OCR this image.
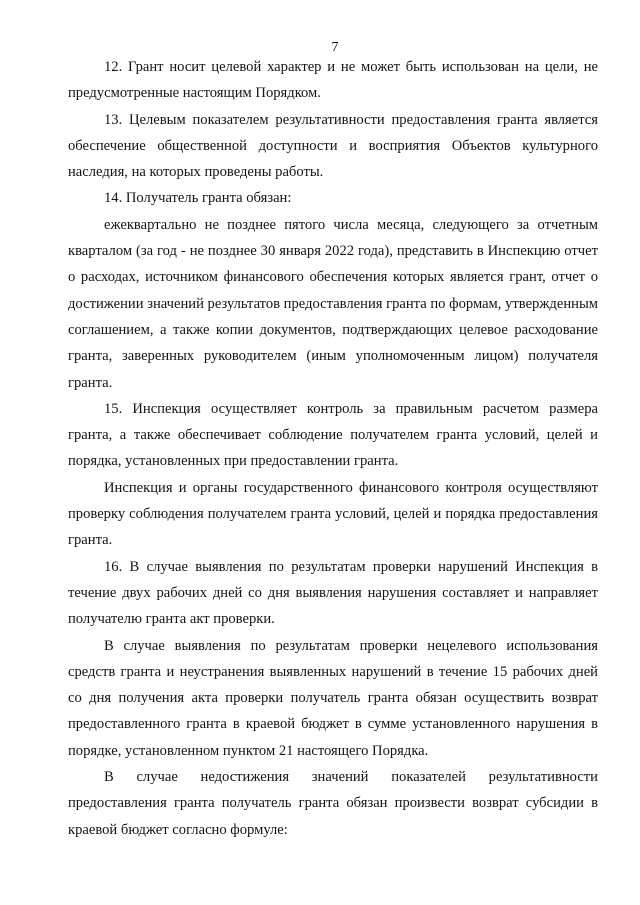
7

12. Грант носит целевой характер и не может быть использован на цели, не предусмотренные настоящим Порядком.

13. Целевым показателем результативности предоставления гранта является обеспечение общественной доступности и восприятия Объектов культурного наследия, на которых проведены работы.

14. Получатель гранта обязан:

ежеквартально не позднее пятого числа месяца, следующего за отчетным кварталом (за год - не позднее 30 января 2022 года), представить в Инспекцию отчет о расходах, источником финансового обеспечения которых является грант, отчет о достижении значений результатов предоставления гранта по формам, утвержденным соглашением, а также копии документов, подтверждающих целевое расходование гранта, заверенных руководителем (иным уполномоченным лицом) получателя гранта.

15. Инспекция осуществляет контроль за правильным расчетом размера гранта, а также обеспечивает соблюдение получателем гранта условий, целей и порядка, установленных при предоставлении гранта.

Инспекция и органы государственного финансового контроля осуществляют проверку соблюдения получателем гранта условий, целей и порядка предоставления гранта.

16. В случае выявления по результатам проверки нарушений Инспекция в течение двух рабочих дней со дня выявления нарушения составляет и направляет получателю гранта акт проверки.

В случае выявления по результатам проверки нецелевого использования средств гранта и неустранения выявленных нарушений в течение 15 рабочих дней со дня получения акта проверки получатель гранта обязан осуществить возврат предоставленного гранта в краевой бюджет в сумме установленного нарушения в порядке, установленном пунктом 21 настоящего Порядка.

В случае недостижения значений показателей результативности предоставления гранта получатель гранта обязан произвести возврат субсидии в краевой бюджет согласно формуле:
